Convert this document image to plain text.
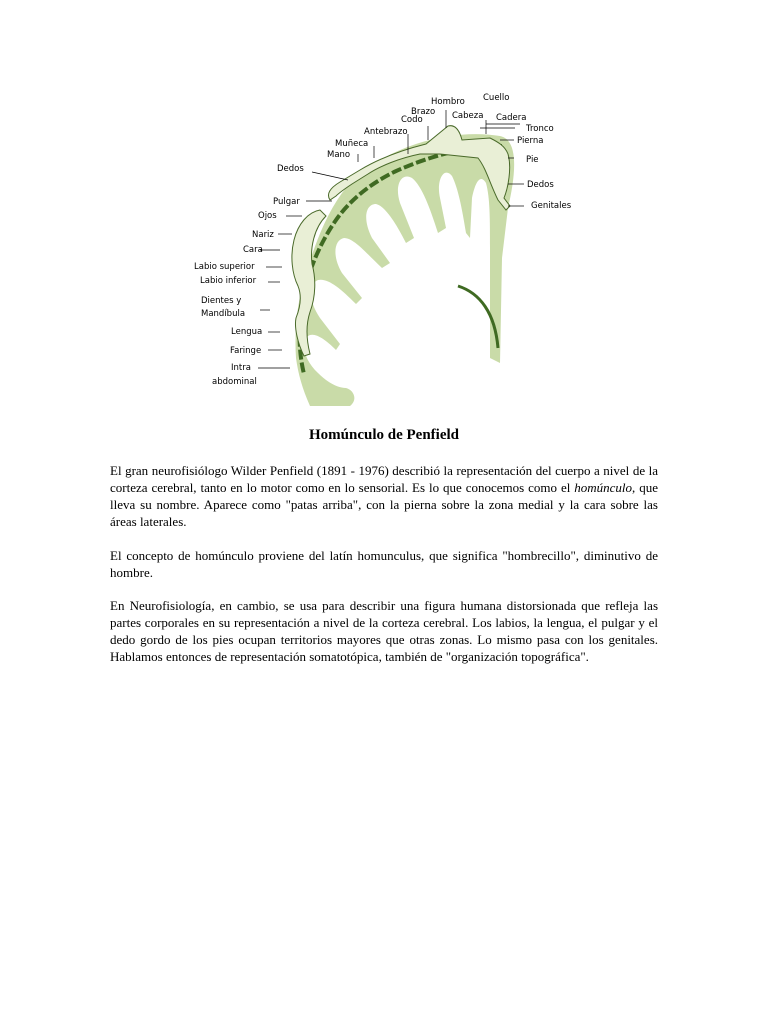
Hombro Cuello
Brazo
Codo	Cabeza Cadera
Tronco
Antebrazo
Pierna
Muñeca
Mano	Pie
Dedos
Dedos
Genitales
Pulgar
Ojos
Nariz
Cara
Labio superior
Labio inferior
Dientes y
Mandíbula
Lengua
Faringe
Intra
abdominal
Homúnculo de Penfield

El gran neurofisiólogo Wilder Penfield (1891 - 1976) describió la representación del cuerpo a nivel de la corteza cerebral, tanto en lo motor como en lo sensorial. Es lo que conocemos como el homúnculo, que lleva su nombre. Aparece como "patas arriba", con la pierna sobre la zona medial y la cara sobre las áreas laterales.

El concepto de homúnculo proviene del latín homunculus, que significa "hombrecillo", diminutivo de hombre.

En Neurofisiología, en cambio, se usa para describir una figura humana distorsionada que refleja las partes corporales en su representación a nivel de la corteza cerebral. Los labios, la lengua, el pulgar y el dedo gordo de los pies ocupan territorios mayores que otras zonas. Lo mismo pasa con los genitales. Hablamos entonces de representación somatotópica, también de "organización topográfica".
